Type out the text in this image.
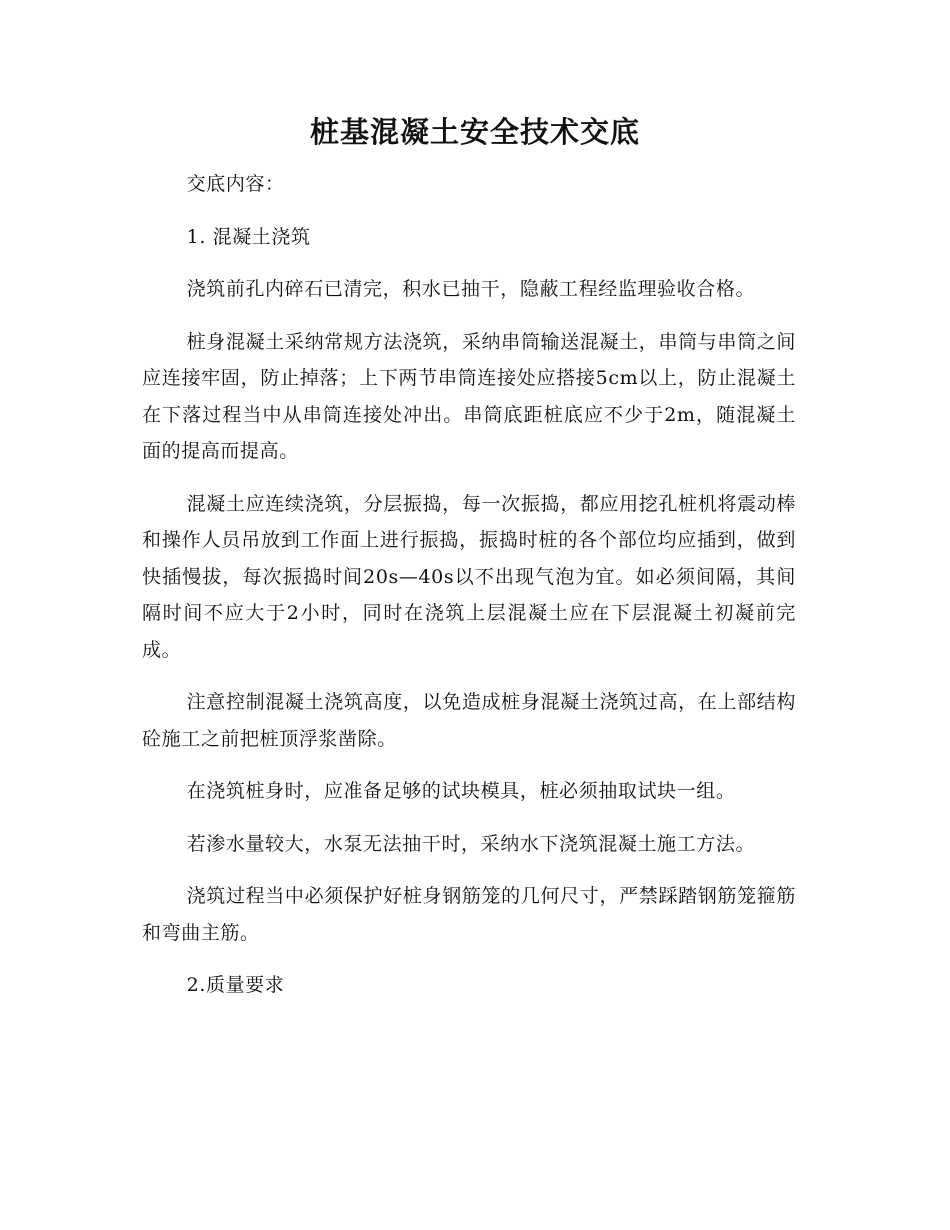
桩基混凝土安全技术交底

交底内容：

1. 混凝土浇筑

浇筑前孔内碎石已清完，积水已抽干，隐蔽工程经监理验收合格。

桩身混凝土采纳常规方法浇筑，采纳串筒输送混凝土，串筒与串筒之间应连接牢固，防止掉落；上下两节串筒连接处应搭接5cm以上，防止混凝土在下落过程当中从串筒连接处冲出。串筒底距桩底应不少于2m，随混凝土面的提高而提高。

混凝土应连续浇筑，分层振捣，每一次振捣，都应用挖孔桩机将震动棒和操作人员吊放到工作面上进行振捣，振捣时桩的各个部位均应插到，做到快插慢拔，每次振捣时间20s—40s以不出现气泡为宜。如必须间隔，其间隔时间不应大于2小时，同时在浇筑上层混凝土应在下层混凝土初凝前完成。

注意控制混凝土浇筑高度，以免造成桩身混凝土浇筑过高，在上部结构砼施工之前把桩顶浮浆凿除。

在浇筑桩身时，应准备足够的试块模具，桩必须抽取试块一组。

若渗水量较大，水泵无法抽干时，采纳水下浇筑混凝土施工方法。

浇筑过程当中必须保护好桩身钢筋笼的几何尺寸，严禁踩踏钢筋笼箍筋和弯曲主筋。

2.质量要求
